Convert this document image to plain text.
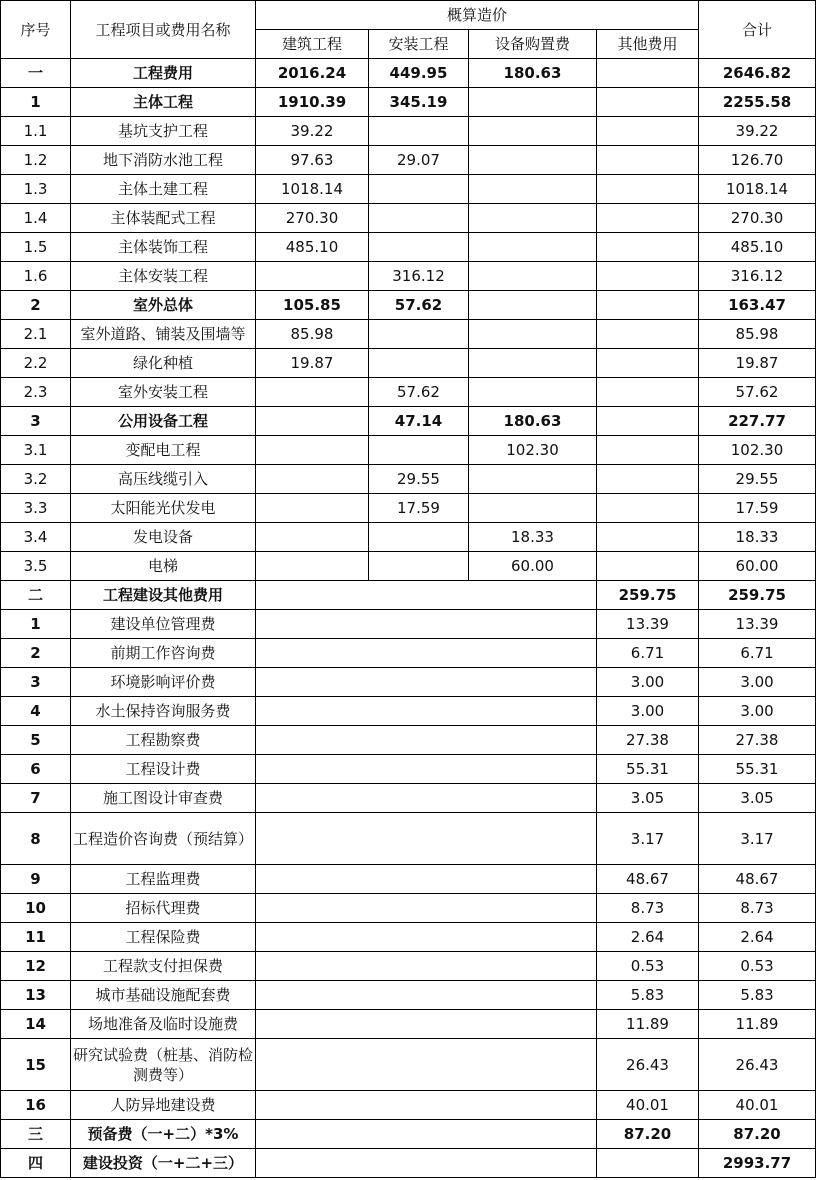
序号	工程项目或费用名称	概算造价				合计
		建筑工程	安装工程	设备购置费	其他费用	
一	工程费用	2016.24	449.95	180.63		2646.82
1	主体工程	1910.39	345.19			2255.58
1.1	基坑支护工程	39.22				39.22
1.2	地下消防水池工程	97.63	29.07			126.70
1.3	主体土建工程	1018.14				1018.14
1.4	主体装配式工程	270.30				270.30
1.5	主体装饰工程	485.10				485.10
1.6	主体安装工程		316.12			316.12
2	室外总体	105.85	57.62			163.47
2.1	室外道路、铺装及围墙等	85.98				85.98
2.2	绿化种植	19.87				19.87
2.3	室外安装工程		57.62			57.62
3	公用设备工程		47.14	180.63		227.77
3.1	变配电工程			102.30		102.30
3.2	高压线缆引入		29.55			29.55
3.3	太阳能光伏发电		17.59			17.59
3.4	发电设备			18.33		18.33
3.5	电梯			60.00		60.00
二	工程建设其他费用				259.75	259.75
1	建设单位管理费				13.39	13.39
2	前期工作咨询费				6.71	6.71
3	环境影响评价费				3.00	3.00
4	水土保持咨询服务费				3.00	3.00
5	工程勘察费				27.38	27.38
6	工程设计费				55.31	55.31
7	施工图设计审查费				3.05	3.05
8	工程造价咨询费（预结算）				3.17	3.17
9	工程监理费				48.67	48.67
10	招标代理费				8.73	8.73
11	工程保险费				2.64	2.64
12	工程款支付担保费				0.53	0.53
13	城市基础设施配套费				5.83	5.83
14	场地准备及临时设施费				11.89	11.89
15	研究试验费（桩基、消防检测费等）				26.43	26.43
16	人防异地建设费				40.01	40.01
三	预备费（一+二）*3%				87.20	87.20
四	建设投资（一+二+三）					2993.77
